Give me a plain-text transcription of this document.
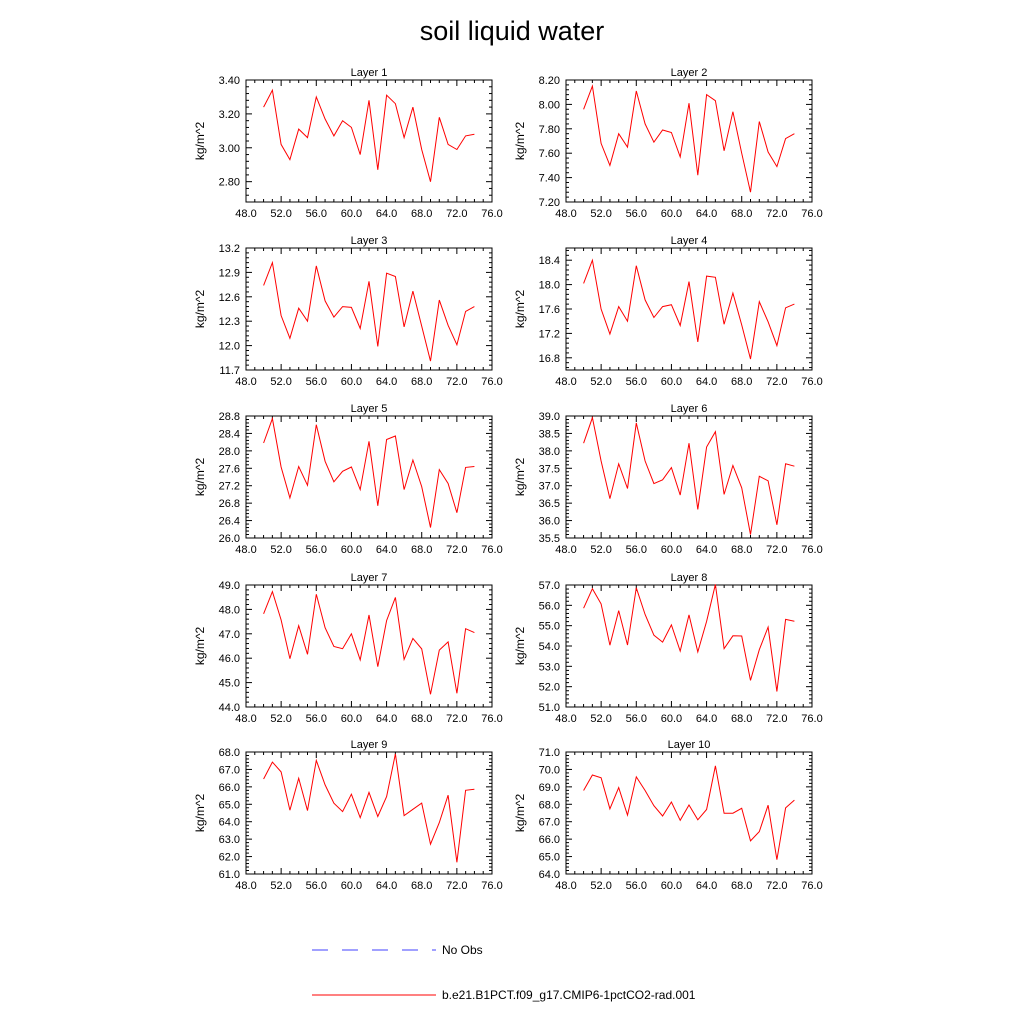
soil liquid water
Layer 1
kg/m^2
48.0 52.0 56.0 60.0 64.0 68.0 72.0 76.0
2.80
3.00
3.20
3.40
Layer 2
kg/m^2
48.0 52.0 56.0 60.0 64.0 68.0 72.0 76.0
7.20
7.40
7.60
7.80
8.00
8.20
Layer 3
kg/m^2
48.0 52.0 56.0 60.0 64.0 68.0 72.0 76.0
11.7
12.0
12.3
12.6
12.9
13.2
Layer 4
kg/m^2
48.0 52.0 56.0 60.0 64.0 68.0 72.0 76.0
16.8
17.2
17.6
18.0
18.4
Layer 5
kg/m^2
48.0 52.0 56.0 60.0 64.0 68.0 72.0 76.0
26.0
26.4
26.8
27.2
27.6
28.0
28.4
28.8
Layer 6
kg/m^2
48.0 52.0 56.0 60.0 64.0 68.0 72.0 76.0
35.5
36.0
36.5
37.0
37.5
38.0
38.5
39.0
Layer 7
kg/m^2
48.0 52.0 56.0 60.0 64.0 68.0 72.0 76.0
44.0
45.0
46.0
47.0
48.0
49.0
Layer 8
kg/m^2
48.0 52.0 56.0 60.0 64.0 68.0 72.0 76.0
51.0
52.0
53.0
54.0
55.0
56.0
57.0
Layer 9
kg/m^2
48.0 52.0 56.0 60.0 64.0 68.0 72.0 76.0
61.0
62.0
63.0
64.0
65.0
66.0
67.0
68.0
Layer 10
kg/m^2
48.0 52.0 56.0 60.0 64.0 68.0 72.0 76.0
64.0
65.0
66.0
67.0
68.0
69.0
70.0
71.0
No Obs
b.e21.B1PCT.f09_g17.CMIP6-1pctCO2-rad.001
